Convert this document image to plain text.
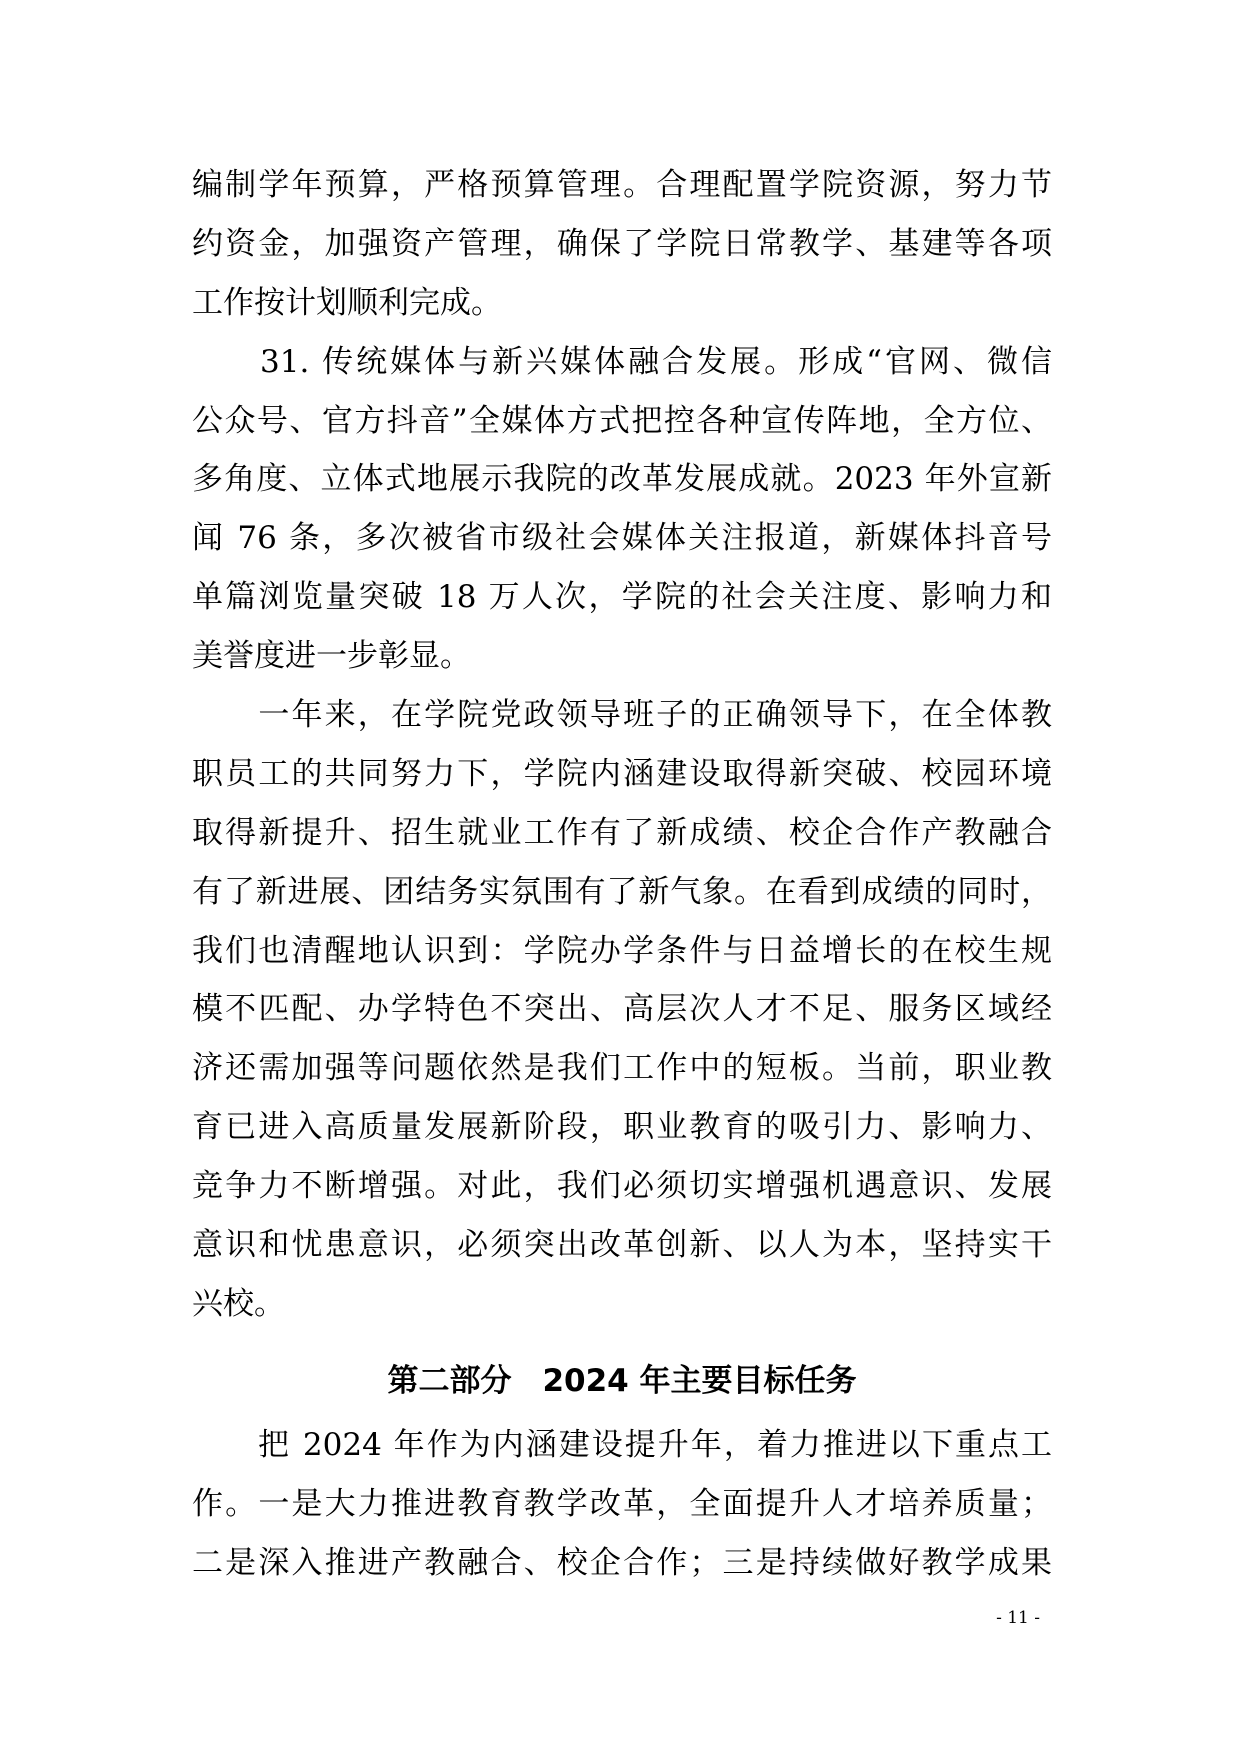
编制学年预算，严格预算管理。合理配置学院资源，努力节
约资金，加强资产管理，确保了学院日常教学、基建等各项
工作按计划顺利完成。
　　31. 传统媒体与新兴媒体融合发展。形成“官网、微信
公众号、官方抖音”全媒体方式把控各种宣传阵地，全方位、
多角度、立体式地展示我院的改革发展成就。2023 年外宣新
闻 76 条，多次被省市级社会媒体关注报道，新媒体抖音号
单篇浏览量突破 18 万人次，学院的社会关注度、影响力和
美誉度进一步彰显。
　　一年来，在学院党政领导班子的正确领导下，在全体教
职员工的共同努力下，学院内涵建设取得新突破、校园环境
取得新提升、招生就业工作有了新成绩、校企合作产教融合
有了新进展、团结务实氛围有了新气象。在看到成绩的同时，
我们也清醒地认识到：学院办学条件与日益增长的在校生规
模不匹配、办学特色不突出、高层次人才不足、服务区域经
济还需加强等问题依然是我们工作中的短板。当前，职业教
育已进入高质量发展新阶段，职业教育的吸引力、影响力、
竞争力不断增强。对此，我们必须切实增强机遇意识、发展
意识和忧患意识，必须突出改革创新、以人为本，坚持实干
兴校。
第二部分　2024 年主要目标任务
　　把 2024 年作为内涵建设提升年，着力推进以下重点工
作。一是大力推进教育教学改革，全面提升人才培养质量；
二是深入推进产教融合、校企合作；三是持续做好教学成果
- 11 -
